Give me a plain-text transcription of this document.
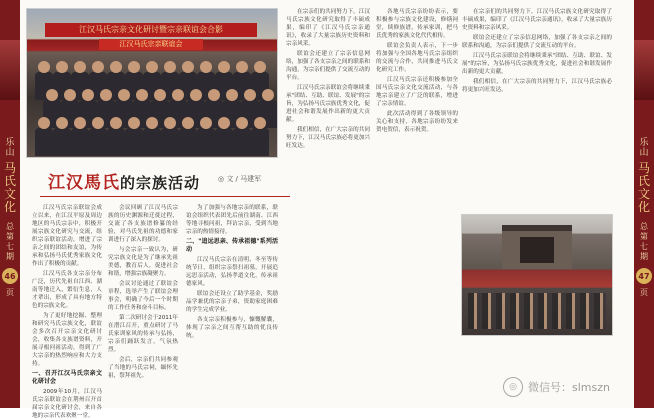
乐
山
马
氏
文
化
总
第
七
期
46
页
乐
山
马
氏
文
化
总
第
七
期
47
页
江汉马氏宗亲文化研讨暨宗亲联谊会合影
江汉马氏宗亲联谊会
江汉馬氏的宗族活动	◎ 文 / 马建军

江汉马氏宗亲联谊会成立以来，在江汉平原及周边地区的马氏宗亲中，积极开展宗族文化研究与交流，组织宗亲联谊活动，增进了宗亲之间的团结和友谊，为传承和弘扬马氏优秀家族文化作出了积极的贡献。

江汉马氏各支宗亲分布广泛，历代先祖自江西、湖南等地迁入，繁衍生息，人才辈出，形成了具有地方特色的宗族文化。

为了更好地挖掘、整理和研究马氏宗族文化，联谊会多次召开宗亲文化研讨会，收集各支族谱资料，开展寻根问祖活动，得到了广大宗亲的热烈响应和大力支持。

一、召开江汉马氏宗亲文化研讨会

2009年10月，江汉马氏宗亲联谊会在荆州召开首届宗亲文化研讨会，来自各地的宗亲代表欢聚一堂。

会议回顾了江汉马氏宗族的历史渊源和迁徙过程，交流了各支族谱修纂的经验，对马氏先祖的功德和家训进行了深入的探讨。

与会宗亲一致认为，研究宗族文化是为了继承先祖美德，教育后人，促进社会和谐，增强宗族凝聚力。

会议讨论通过了联谊会章程，选举产生了联谊会理事会，明确了今后一个时期的工作任务和奋斗目标。

第二次研讨会于2011年在潜江召开，重点研讨了马氏家训家风的传承与弘扬，宗亲们踊跃发言，气氛热烈。

会后，宗亲们共同参观了当地的马氏宗祠，缅怀先祖，祭拜祖先。

为了加强与各地宗亲的联系，联谊会组织代表团先后前往湖南、江西等地寻根问祖，拜访宗亲，受到当地宗亲的热情接待。

二、"追远思亲、传承祖德"系列活动

江汉马氏宗亲在清明、冬至等传统节日，组织宗亲祭扫祖墓，开展追远思亲活动，弘扬孝道文化，传承祖德家风。

联谊会还设立了助学基金，奖励品学兼优的宗亲子弟，资助家庭困难的学生完成学业。

各支宗亲积极参与，慷慨解囊，体现了宗亲之间互帮互助的优良传统。

在宗亲们的共同努力下，江汉马氏宗族文化研究取得了丰硕成果，编印了《江汉马氏宗亲通讯》，收录了大量宗族历史资料和宗亲风采。

联谊会还建立了宗亲信息网络，加强了各支宗亲之间的联系和沟通，为宗亲们提供了交流互动的平台。

江汉马氏宗亲联谊会将继续秉承"团结、互助、联谊、发展"的宗旨，为弘扬马氏宗族优秀文化，促进社会和谐发展作出新的更大贡献。

我们相信，在广大宗亲的共同努力下，江汉马氏宗族必将更加兴旺发达。

各地马氏宗亲纷纷表示，要积极参与宗族文化建设，修缮祠堂，续修族谱，传承家训，把马氏优秀的家族文化代代相传。

联谊会负责人表示，下一步将加强与全国各地马氏宗亲组织的交流与合作，共同推进马氏文化研究工作。

江汉马氏宗亲还积极参加全国马氏宗亲文化交流活动，与各地宗亲建立了广泛的联系，增进了宗亲情谊。

此次活动得到了各级领导的关心和支持，各地宗亲纷纷发来贺电贺信，表示祝贺。

在宗亲们的共同努力下，江汉马氏宗族文化研究取得了丰硕成果，编印了《江汉马氏宗亲通讯》，收录了大量宗族历史资料和宗亲风采。

联谊会还建立了宗亲信息网络，加强了各支宗亲之间的联系和沟通，为宗亲们提供了交流互动的平台。

江汉马氏宗亲联谊会将继续秉承"团结、互助、联谊、发展"的宗旨，为弘扬马氏宗族优秀文化，促进社会和谐发展作出新的更大贡献。

我们相信，在广大宗亲的共同努力下，江汉马氏宗族必将更加兴旺发达。

◎	微信号：slmszn
